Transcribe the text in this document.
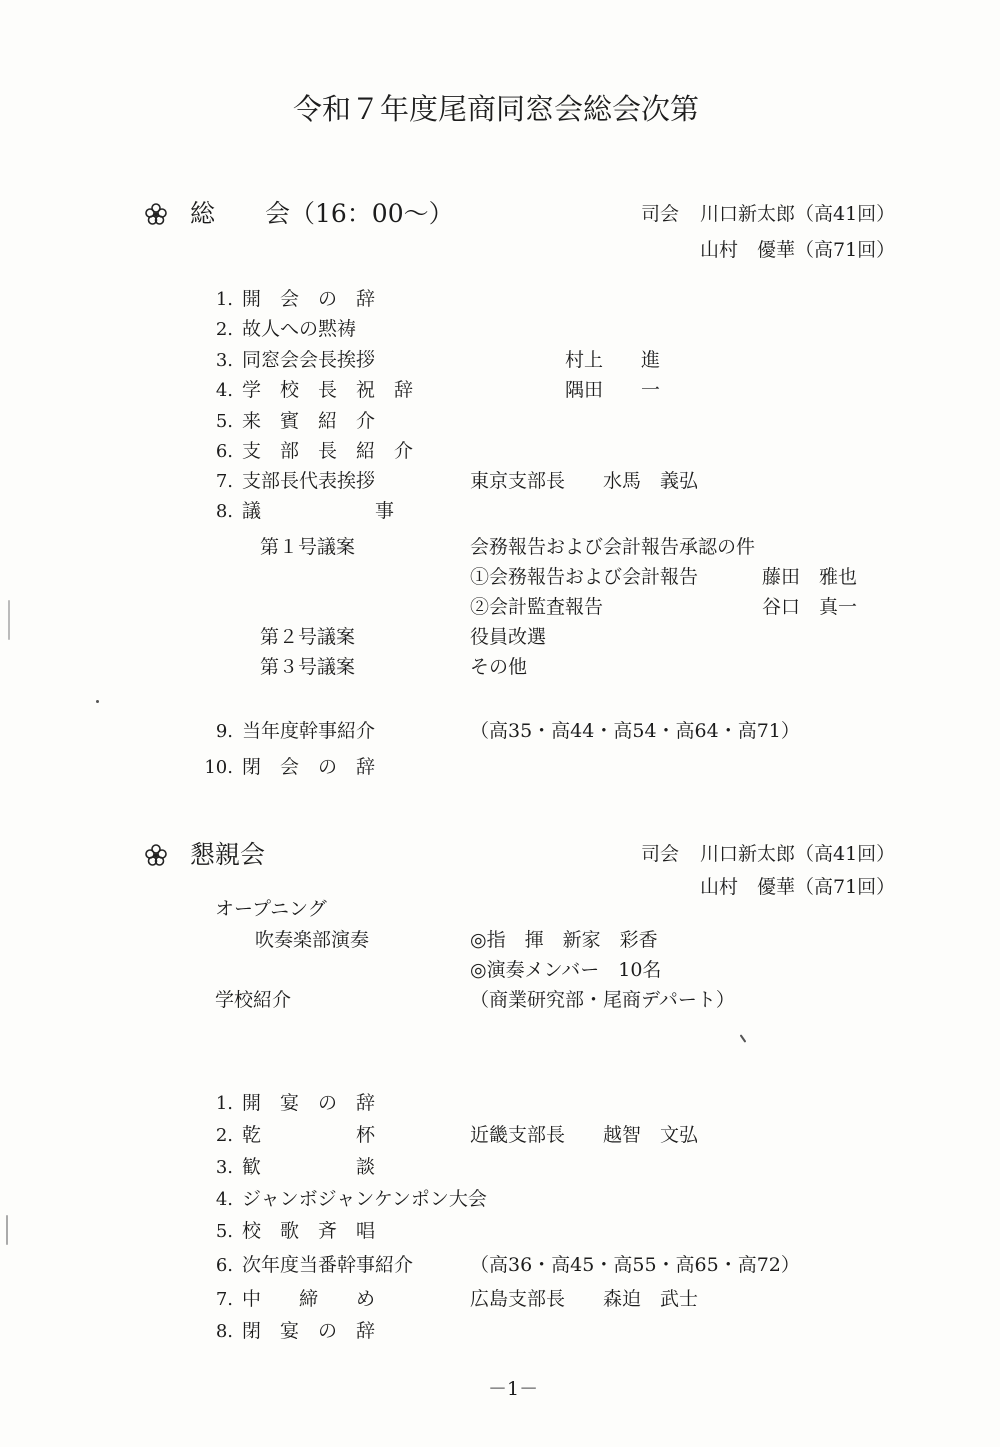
令和７年度尾商同窓会総会次第
総　　会（16：00～）	司会 川口新太郎（高41回）
山村　優華（高71回）
1. 開　会　の　辞
2. 故人への黙祷
3. 同窓会会長挨拶	村上　　進
4. 学　校　長　祝　辞	隅田　　一
5. 来　賓　紹　介
6. 支　部　長　紹　介
7. 支部長代表挨拶	東京支部長　　水馬　義弘
8. 議　　　　　　事
第１号議案	会務報告および会計報告承認の件
①会務報告および会計報告	藤田　雅也
②会計監査報告	谷口　真一
第２号議案	役員改選
第３号議案	その他
9. 当年度幹事紹介	（高35・高44・高54・高64・高71）
10. 閉　会　の　辞
懇親会	司会 川口新太郎（高41回）
山村　優華（高71回）
オープニング
吹奏楽部演奏	◎指　揮　新家　彩香
◎演奏メンバー　10名
学校紹介	（商業研究部・尾商デパート）
1. 開　宴　の　辞
2. 乾　　　　　杯	近畿支部長　　越智　文弘
3. 歓　　　　　談
4. ジャンボジャンケンポン大会
5. 校　歌　斉　唱
6. 次年度当番幹事紹介	（高36・高45・高55・高65・高72）
7. 中　　締　　め	広島支部長　　森迫　武士
8. 閉　宴　の　辞
－1－
